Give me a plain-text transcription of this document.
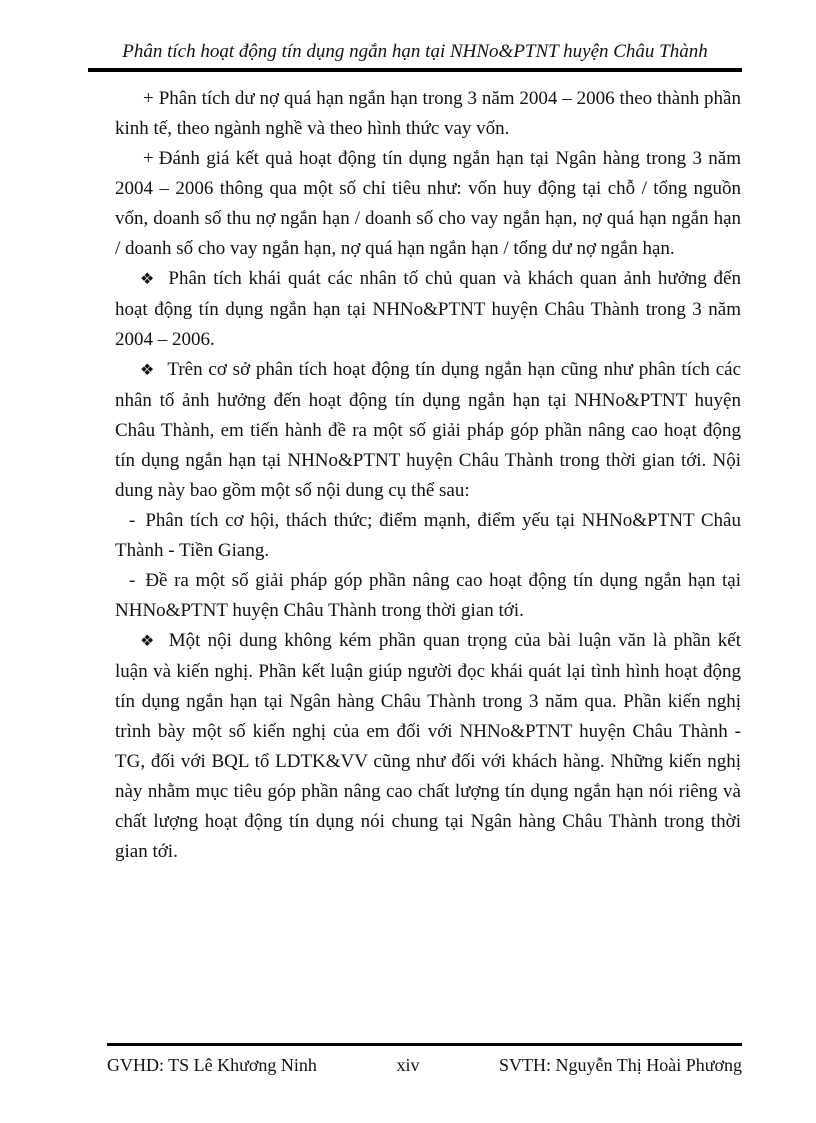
Phân tích hoạt động tín dụng ngắn hạn tại NHNo&PTNT huyện Châu Thành

+ Phân tích dư nợ quá hạn ngắn hạn trong 3 năm 2004 – 2006 theo thành phần kinh tế, theo ngành nghề và theo hình thức vay vốn.

+ Đánh giá kết quả hoạt động tín dụng ngắn hạn tại Ngân hàng trong 3 năm 2004 – 2006 thông qua một số chỉ tiêu như: vốn huy động tại chỗ / tổng nguồn vốn, doanh số thu nợ ngắn hạn / doanh số cho vay ngắn hạn, nợ quá hạn ngắn hạn / doanh số cho vay ngắn hạn, nợ quá hạn ngắn hạn / tổng dư nợ ngắn hạn.

❖ Phân tích khái quát các nhân tố chủ quan và khách quan ảnh hưởng đến hoạt động tín dụng ngắn hạn tại NHNo&PTNT huyện Châu Thành trong 3 năm 2004 – 2006.

❖ Trên cơ sở phân tích hoạt động tín dụng ngắn hạn cũng như phân tích các nhân tố ảnh hưởng đến hoạt động tín dụng ngắn hạn tại NHNo&PTNT huyện Châu Thành, em tiến hành đề ra một số giải pháp góp phần nâng cao hoạt động tín dụng ngắn hạn tại NHNo&PTNT huyện Châu Thành trong thời gian tới. Nội dung này bao gồm một số nội dung cụ thể sau:

- Phân tích cơ hội, thách thức; điểm mạnh, điểm yếu tại NHNo&PTNT Châu Thành - Tiền Giang.

- Đề ra một số giải pháp góp phần nâng cao hoạt động tín dụng ngắn hạn tại NHNo&PTNT huyện Châu Thành trong thời gian tới.

❖ Một nội dung không kém phần quan trọng của bài luận văn là phần kết luận và kiến nghị. Phần kết luận giúp người đọc khái quát lại tình hình hoạt động tín dụng ngắn hạn tại Ngân hàng Châu Thành trong 3 năm qua. Phần kiến nghị trình bày một số kiến nghị của em đối với NHNo&PTNT huyện Châu Thành - TG, đối với BQL tổ LDTK&VV cũng như đối với khách hàng. Những kiến nghị này nhằm mục tiêu góp phần nâng cao chất lượng tín dụng ngắn hạn nói riêng và chất lượng hoạt động tín dụng nói chung tại Ngân hàng Châu Thành trong thời gian tới.

GVHD: TS Lê Khương Ninh	xiv	SVTH: Nguyễn Thị Hoài Phương
